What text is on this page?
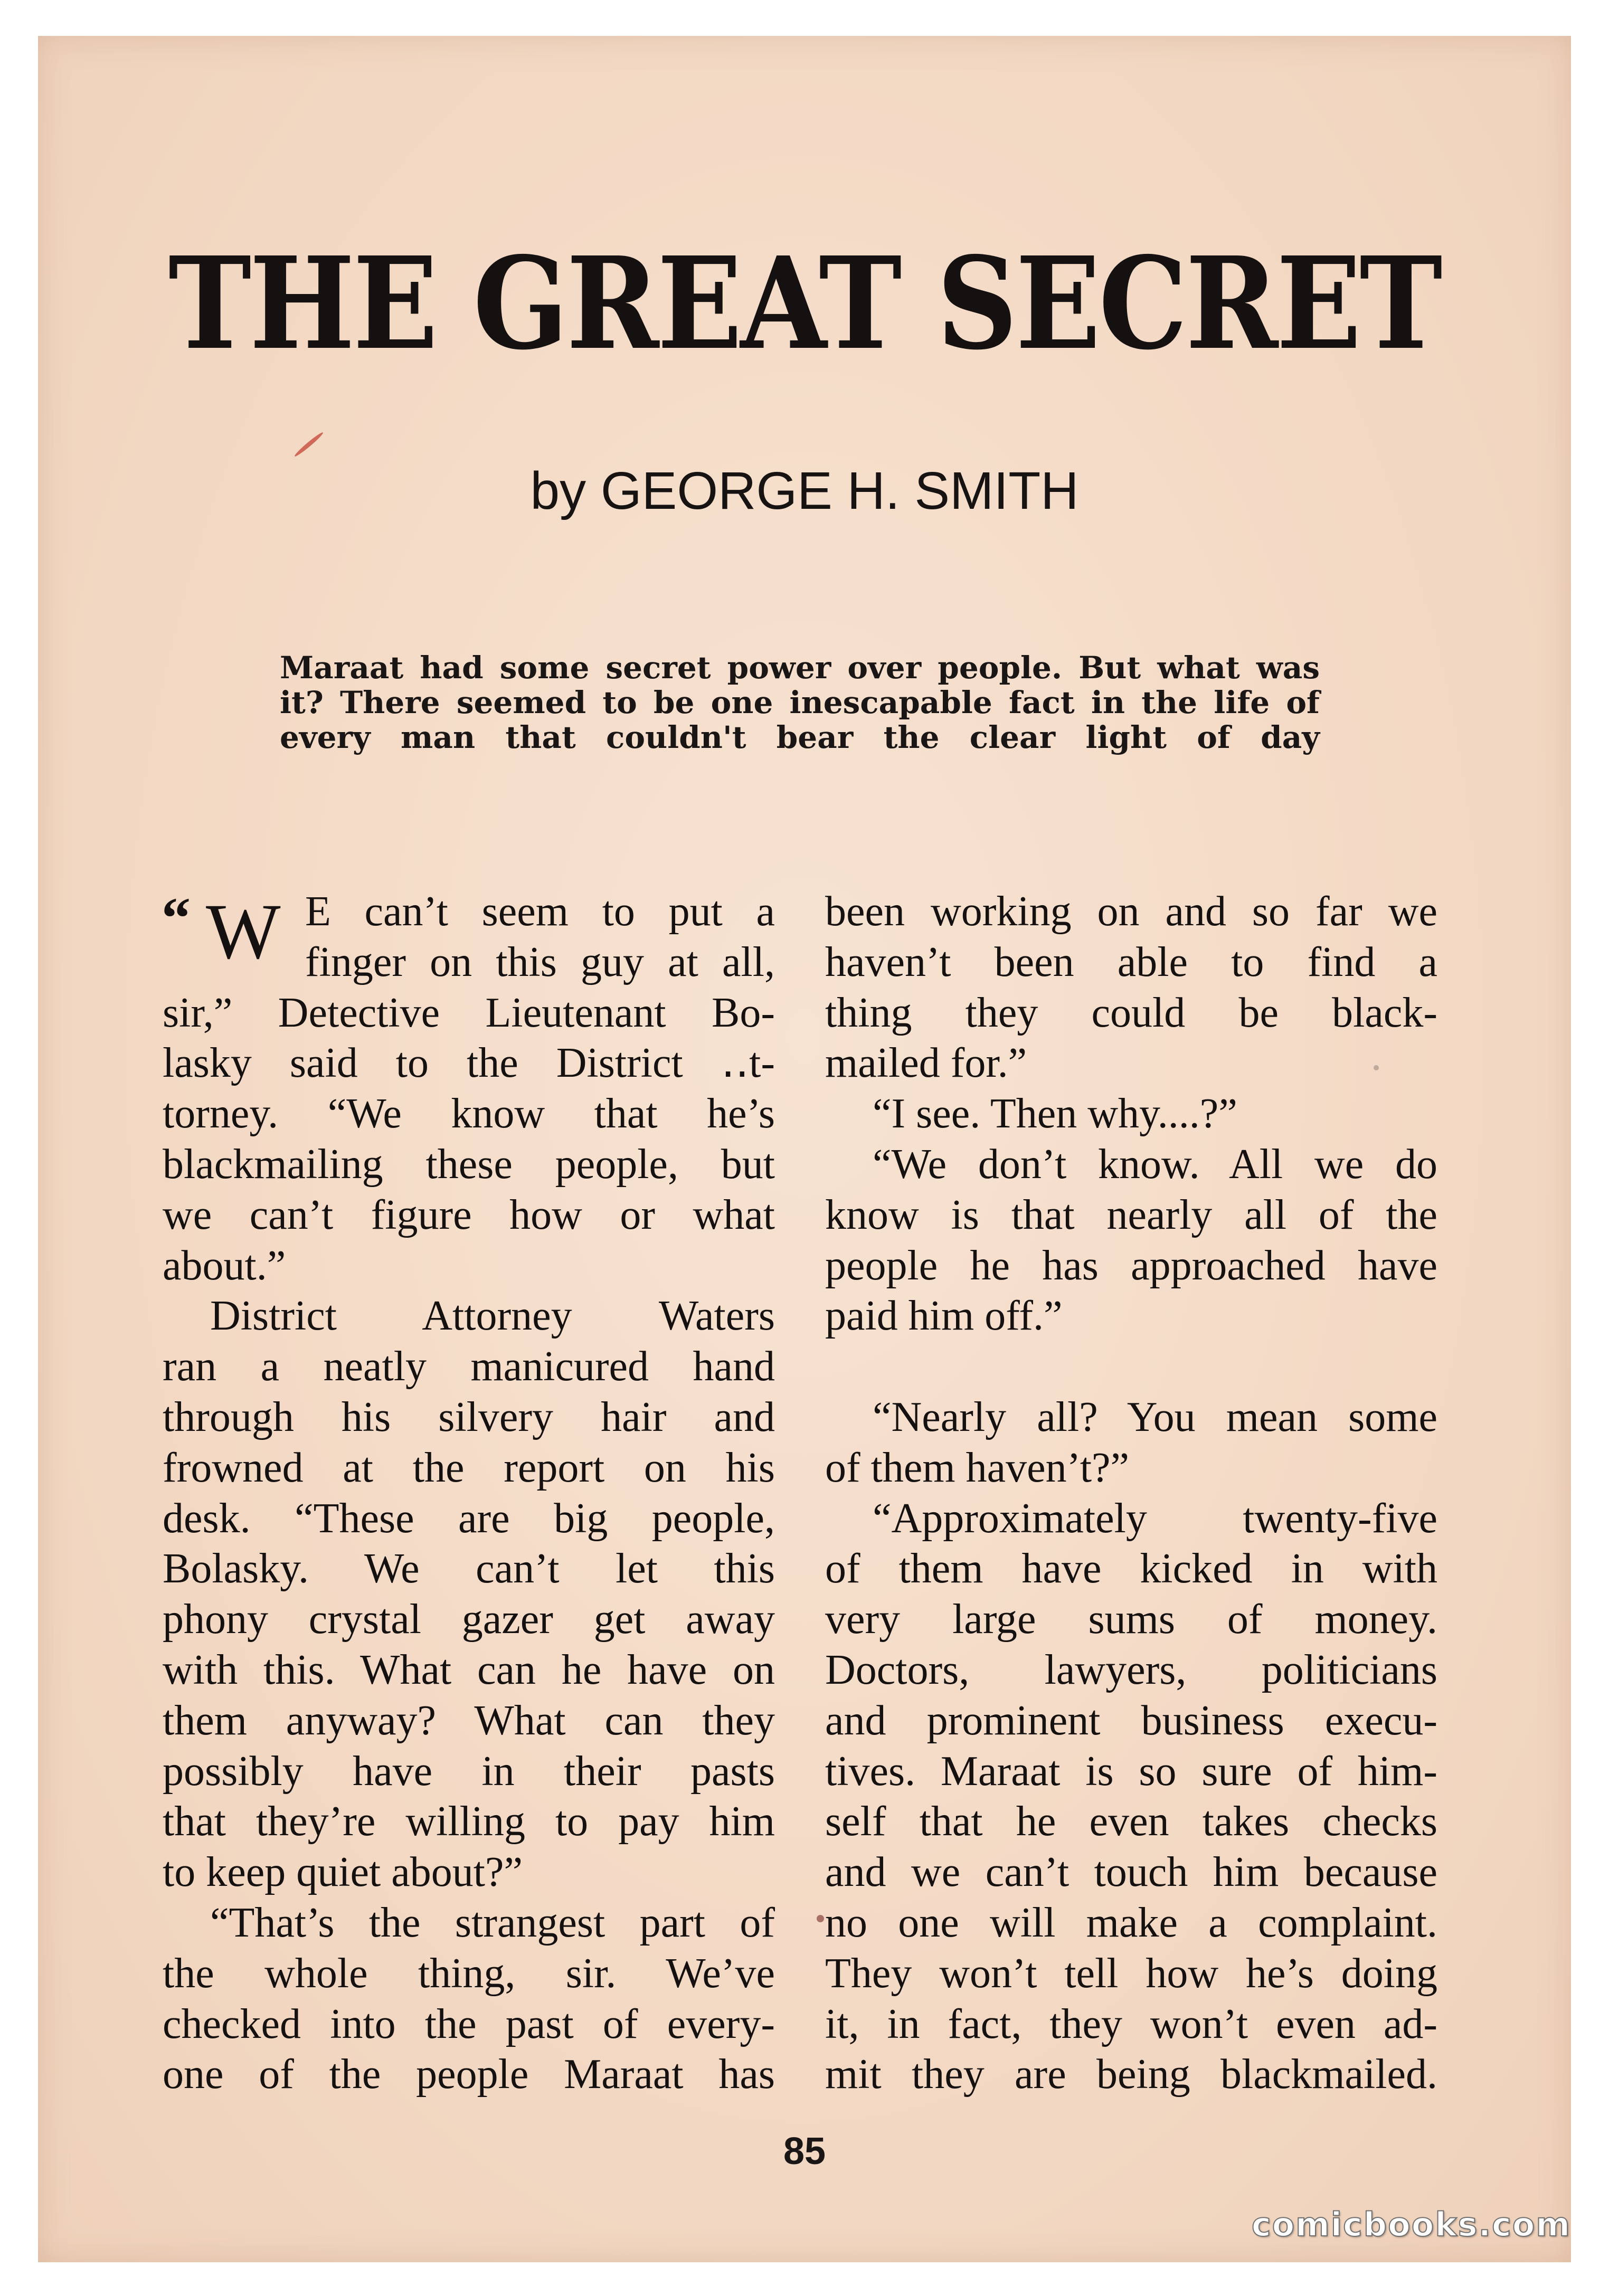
THE GREAT SECRET
by GEORGE H. SMITH

Maraat had some secret power over people. But what was it? There seemed to be one inescapable fact in the life of every man that couldn't bear the clear light of day

“ W E can’t seem to put a
finger on this guy at all,
sir,” Detective Lieutenant Bo-
lasky said to the District ‥t-
torney. “We know that he’s
blackmailing these people, but
we can’t figure how or what
about.”
District Attorney Waters
ran a neatly manicured hand
through his silvery hair and
frowned at the report on his
desk. “These are big people,
Bolasky. We can’t let this
phony crystal gazer get away
with this. What can he have on
them anyway? What can they
possibly have in their pasts
that they’re willing to pay him
to keep quiet about?”
“That’s the strangest part of
the whole thing, sir. We’ve
checked into the past of every-
one of the people Maraat has
been working on and so far we
haven’t been able to find a
thing they could be black-
mailed for.”
“I see. Then why....?”
“We don’t know. All we do
know is that nearly all of the
people he has approached have
paid him off.”
“Nearly all? You mean some
of them haven’t?”
“Approximately twenty-five
of them have kicked in with
very large sums of money.
Doctors, lawyers, politicians
and prominent business execu-
tives. Maraat is so sure of him-
self that he even takes checks
and we can’t touch him because
no one will make a complaint.
They won’t tell how he’s doing
it, in fact, they won’t even ad-
mit they are being blackmailed.
85
comicbooks.com
